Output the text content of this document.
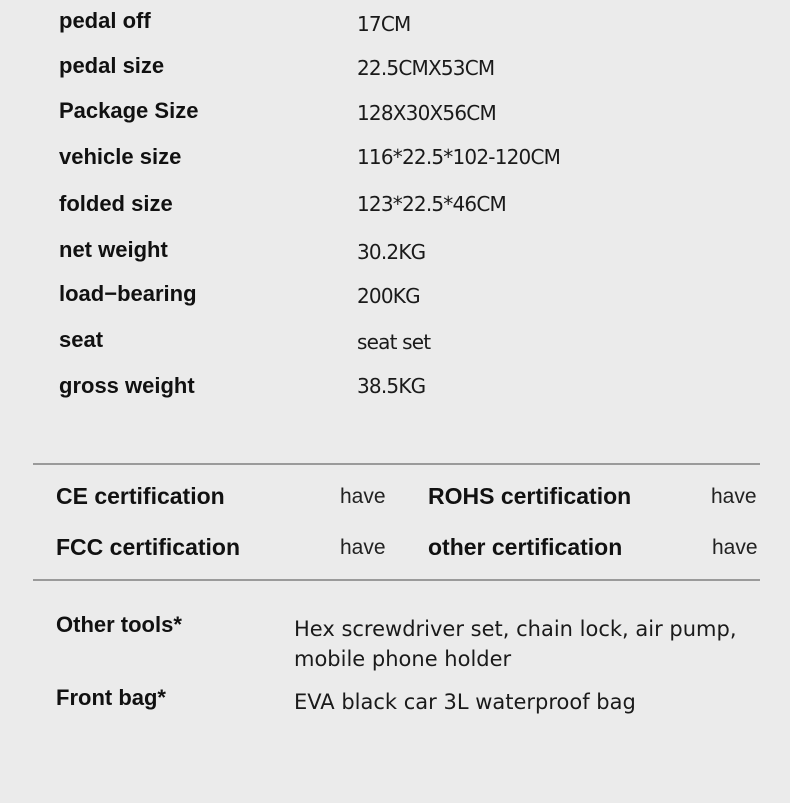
pedal off	17CM
pedal size	22.5CMX53CM
Package Size	128X30X56CM
vehicle size	116*22.5*102-120CM
folded size	123*22.5*46CM
net weight	30.2KG
load−bearing	200KG
seat	seat set
gross weight	38.5KG
CE certification	have ROHS certification	have
FCC certification	have other certification	have
Other tools*	Hex screwdriver set, chain lock, air pump, mobile phone holder
Front bag*	EVA black car 3L waterproof bag
